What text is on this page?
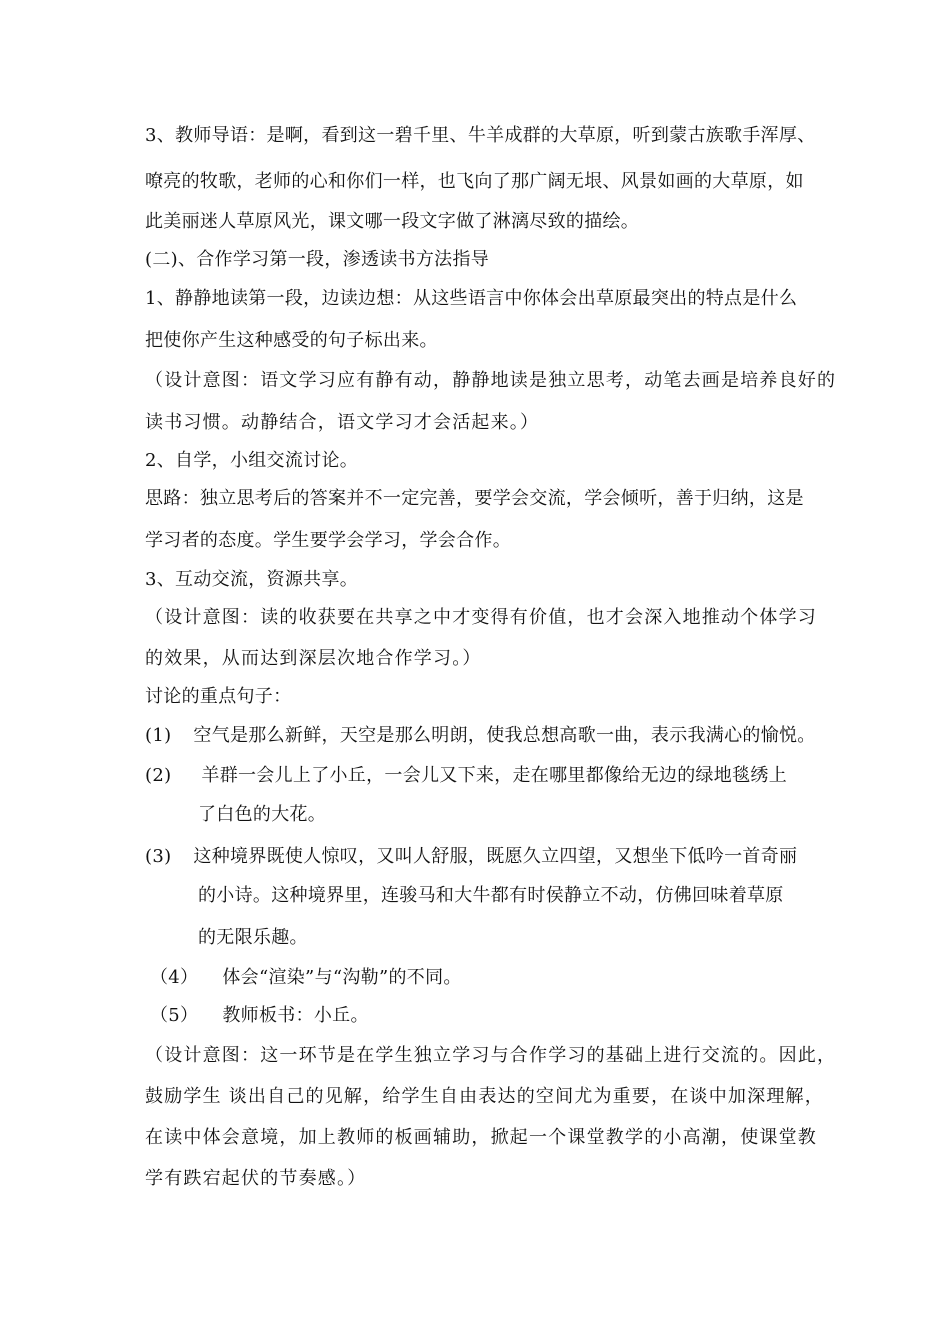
3、教师导语：是啊，看到这一碧千里、牛羊成群的大草原，听到蒙古族歌手浑厚、
嘹亮的牧歌，老师的心和你们一样，也飞向了那广阔无垠、风景如画的大草原，如
此美丽迷人草原风光，课文哪一段文字做了淋漓尽致的描绘。
(二)、合作学习第一段，渗透读书方法指导
1、静静地读第一段，边读边想：从这些语言中你体会出草原最突出的特点是什么
把使你产生这种感受的句子标出来。
（设计意图：语文学习应有静有动，静静地读是独立思考，动笔去画是培养良好的
读书习惯。动静结合，语文学习才会活起来。）
2、自学，小组交流讨论。
思路：独立思考后的答案并不一定完善，要学会交流，学会倾听，善于归纳，这是
学习者的态度。学生要学会学习，学会合作。
3、互动交流，资源共享。
（设计意图：读的收获要在共享之中才变得有价值，也才会深入地推动个体学习
的效果，从而达到深层次地合作学习。）
讨论的重点句子：
(1) 空气是那么新鲜，天空是那么明朗，使我总想高歌一曲，表示我满心的愉悦。
(2) 羊群一会儿上了小丘，一会儿又下来，走在哪里都像给无边的绿地毯绣上
了白色的大花。
(3) 这种境界既使人惊叹，又叫人舒服，既愿久立四望，又想坐下低吟一首奇丽
的小诗。这种境界里，连骏马和大牛都有时侯静立不动，仿佛回味着草原
的无限乐趣。
（4） 体会“渲染”与“沟勒”的不同。
（5） 教师板书：小丘。
（设计意图：这一环节是在学生独立学习与合作学习的基础上进行交流的。因此，
鼓励学生 谈出自己的见解，给学生自由表达的空间尤为重要，在谈中加深理解，
在读中体会意境，加上教师的板画辅助，掀起一个课堂教学的小高潮，使课堂教
学有跌宕起伏的节奏感。）
